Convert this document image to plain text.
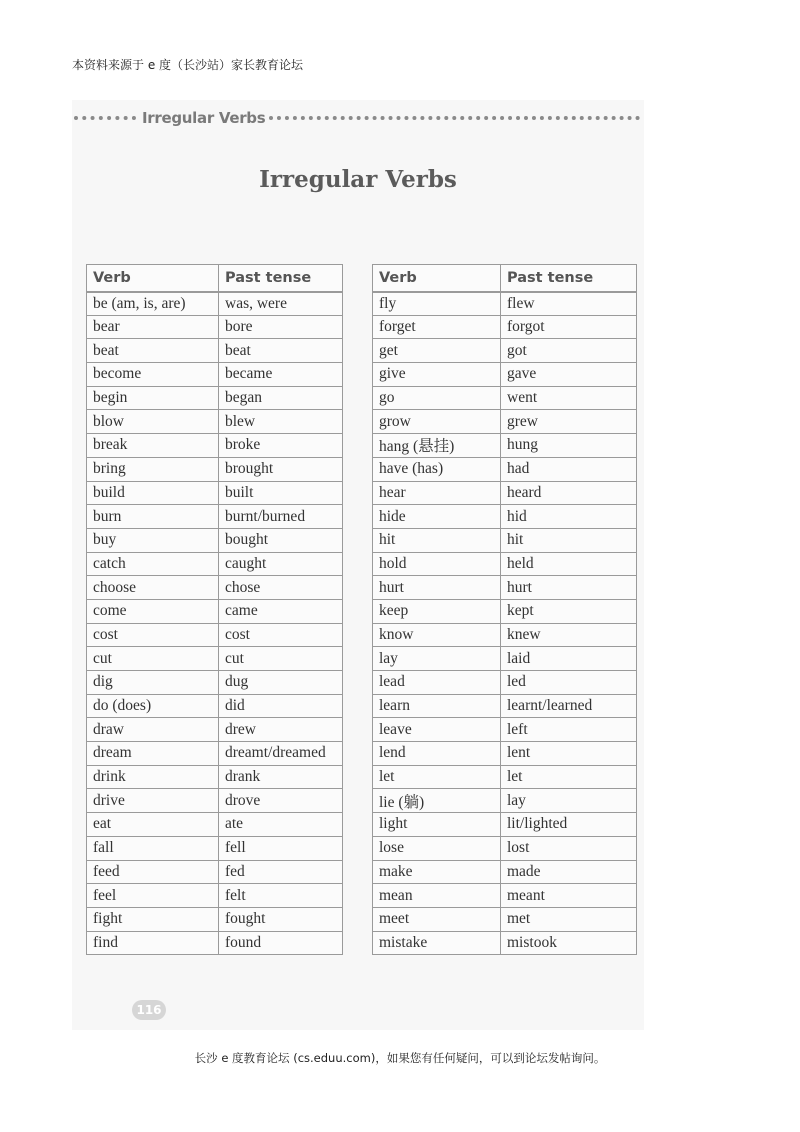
本资料来源于 e 度（长沙站）家长教育论坛
Irregular Verbs
Irregular Verbs
Verb	Past tense
be (am, is, are)	was, were
bear	bore
beat	beat
become	became
begin	began
blow	blew
break	broke
bring	brought
build	built
burn	burnt/burned
buy	bought
catch	caught
choose	chose
come	came
cost	cost
cut	cut
dig	dug
do (does)	did
draw	drew
dream	dreamt/dreamed
drink	drank
drive	drove
eat	ate
fall	fell
feed	fed
feel	felt
fight	fought
find	found
Verb	Past tense
fly	flew
forget	forgot
get	got
give	gave
go	went
grow	grew
hang (悬挂)	hung
have (has)	had
hear	heard
hide	hid
hit	hit
hold	held
hurt	hurt
keep	kept
know	knew
lay	laid
lead	led
learn	learnt/learned
leave	left
lend	lent
let	let
lie (躺)	lay
light	lit/lighted
lose	lost
make	made
mean	meant
meet	met
mistake	mistook
116
长沙 e 度教育论坛 (cs.eduu.com)，如果您有任何疑问，可以到论坛发帖询问。
